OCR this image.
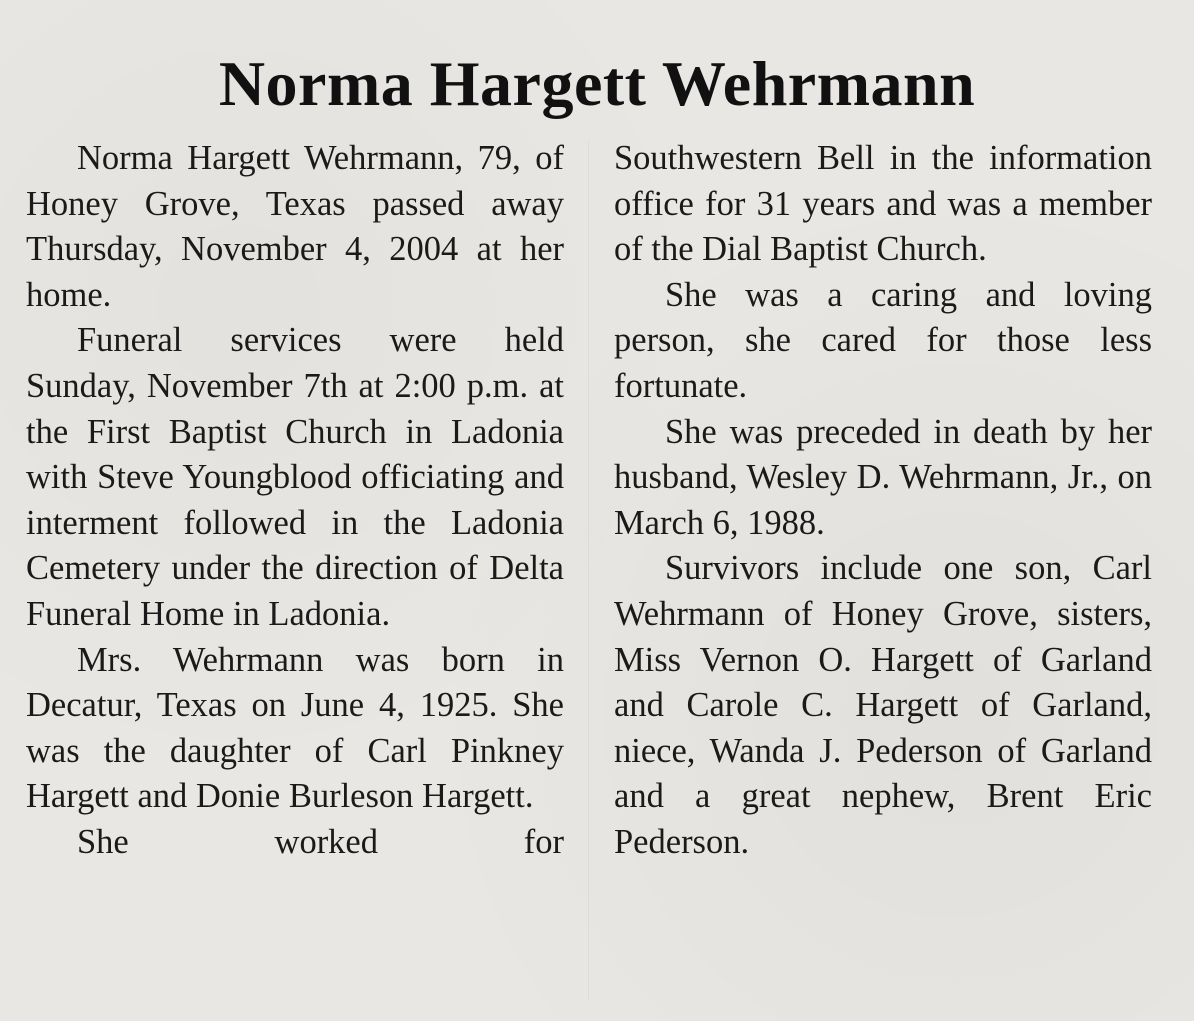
Norma Hargett Wehrmann

Norma Hargett Wehrmann, 79, of Honey Grove, Texas passed away Thursday, November 4, 2004 at her home.

Funeral services were held Sunday, November 7th at 2:00 p.m. at the First Baptist Church in Ladonia with Steve Youngblood officiating and interment followed in the Ladonia Cemetery under the direction of Delta Funeral Home in Ladonia.

Mrs. Wehrmann was born in Decatur, Texas on June 4, 1925. She was the daughter of Carl Pinkney Hargett and Donie Burleson Hargett.

She worked for

Southwestern Bell in the information office for 31 years and was a member of the Dial Baptist Church.

She was a caring and loving person, she cared for those less fortunate.

She was preceded in death by her husband, Wesley D. Wehrmann, Jr., on March 6, 1988.

Survivors include one son, Carl Wehrmann of Honey Grove, sisters, Miss Vernon O. Hargett of Garland and Carole C. Hargett of Garland, niece, Wanda J. Pederson of Garland and a great nephew, Brent Eric Pederson.
